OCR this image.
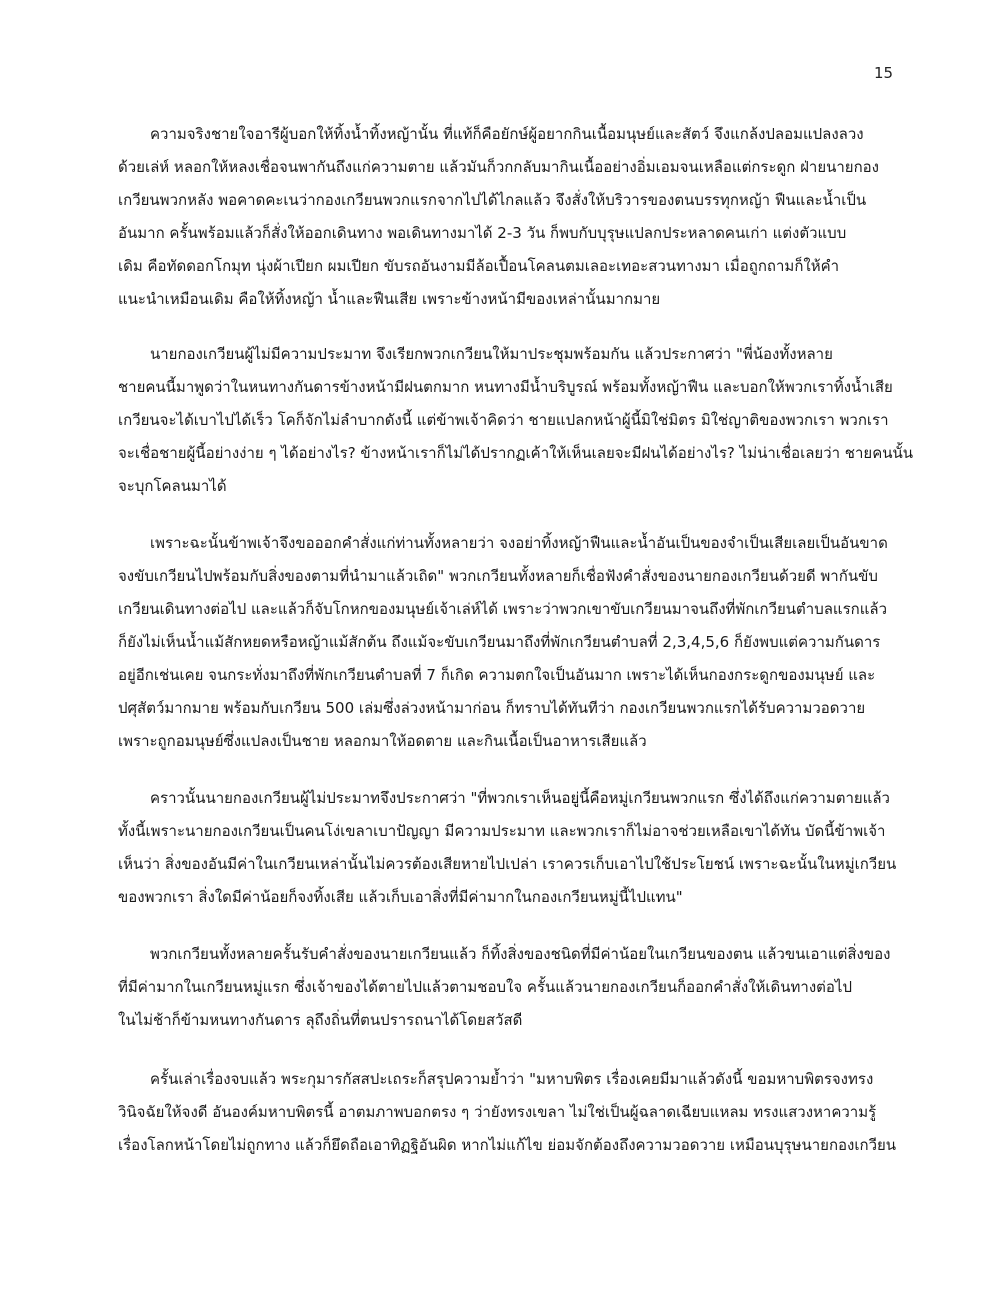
15
ความจริงชายใจอารีผู้บอกให้ทิ้งน้ำทิ้งหญ้านั้น ที่แท้ก็คือยักษ์ผู้อยากกินเนื้อมนุษย์และสัตว์ จึงแกล้งปลอมแปลงลวง
ด้วยเล่ห์ หลอกให้หลงเชื่อจนพากันถึงแก่ความตาย แล้วมันก็วกกลับมากินเนื้ออย่างอิ่มเอมจนเหลือแต่กระดูก ฝ่ายนายกอง
เกวียนพวกหลัง พอคาดคะเนว่ากองเกวียนพวกแรกจากไปได้ไกลแล้ว จึงสั่งให้บริวารของตนบรรทุกหญ้า ฟืนและน้ำเป็น
อันมาก ครั้นพร้อมแล้วก็สั่งให้ออกเดินทาง พอเดินทางมาได้ 2-3 วัน ก็พบกับบุรุษแปลกประหลาดคนเก่า แต่งตัวแบบ
เดิม คือทัดดอกโกมุท นุ่งผ้าเปียก ผมเปียก ขับรถอันงามมีล้อเปื้อนโคลนตมเลอะเทอะสวนทางมา เมื่อถูกถามก็ให้คำ
แนะนำเหมือนเดิม คือให้ทิ้งหญ้า น้ำและฟืนเสีย เพราะข้างหน้ามีของเหล่านั้นมากมาย
นายกองเกวียนผู้ไม่มีความประมาท จึงเรียกพวกเกวียนให้มาประชุมพร้อมกัน แล้วประกาศว่า "พี่น้องทั้งหลาย
ชายคนนี้มาพูดว่าในหนทางกันดารข้างหน้ามีฝนตกมาก หนทางมีน้ำบริบูรณ์ พร้อมทั้งหญ้าฟืน และบอกให้พวกเราทิ้งน้ำเสีย
เกวียนจะได้เบาไปได้เร็ว โคก็จักไม่ลำบากดังนี้ แต่ข้าพเจ้าคิดว่า ชายแปลกหน้าผู้นี้มิใช่มิตร มิใช่ญาติของพวกเรา พวกเรา
จะเชื่อชายผู้นี้อย่างง่าย ๆ ได้อย่างไร? ข้างหน้าเราก็ไม่ได้ปรากฏเค้าให้เห็นเลยจะมีฝนได้อย่างไร? ไม่น่าเชื่อเลยว่า ชายคนนั้น
จะบุกโคลนมาได้
เพราะฉะนั้นข้าพเจ้าจึงขอออกคำสั่งแก่ท่านทั้งหลายว่า จงอย่าทิ้งหญ้าฟืนและน้ำอันเป็นของจำเป็นเสียเลยเป็นอันขาด
จงขับเกวียนไปพร้อมกับสิ่งของตามที่นำมาแล้วเถิด" พวกเกวียนทั้งหลายก็เชื่อฟังคำสั่งของนายกองเกวียนด้วยดี พากันขับ
เกวียนเดินทางต่อไป และแล้วก็จับโกหกของมนุษย์เจ้าเล่ห์ได้ เพราะว่าพวกเขาขับเกวียนมาจนถึงที่พักเกวียนตำบลแรกแล้ว
ก็ยังไม่เห็นน้ำแม้สักหยดหรือหญ้าแม้สักต้น ถึงแม้จะขับเกวียนมาถึงที่พักเกวียนตำบลที่ 2,3,4,5,6 ก็ยังพบแต่ความกันดาร
อยู่อีกเช่นเคย จนกระทั่งมาถึงที่พักเกวียนตำบลที่ 7 ก็เกิด ความตกใจเป็นอันมาก เพราะได้เห็นกองกระดูกของมนุษย์ และ
ปศุสัตว์มากมาย พร้อมกับเกวียน 500 เล่มซึ่งล่วงหน้ามาก่อน ก็ทราบได้ทันทีว่า กองเกวียนพวกแรกได้รับความวอดวาย
เพราะถูกอมนุษย์ซึ่งแปลงเป็นชาย หลอกมาให้อดตาย และกินเนื้อเป็นอาหารเสียแล้ว
คราวนั้นนายกองเกวียนผู้ไม่ประมาทจึงประกาศว่า "ที่พวกเราเห็นอยู่นี้คือหมู่เกวียนพวกแรก ซึ่งได้ถึงแก่ความตายแล้ว
ทั้งนี้เพราะนายกองเกวียนเป็นคนโง่เขลาเบาปัญญา มีความประมาท และพวกเราก็ไม่อาจช่วยเหลือเขาได้ทัน บัดนี้ข้าพเจ้า
เห็นว่า สิ่งของอันมีค่าในเกวียนเหล่านั้นไม่ควรต้องเสียหายไปเปล่า เราควรเก็บเอาไปใช้ประโยชน์ เพราะฉะนั้นในหมู่เกวียน
ของพวกเรา สิ่งใดมีค่าน้อยก็จงทิ้งเสีย แล้วเก็บเอาสิ่งที่มีค่ามากในกองเกวียนหมู่นี้ไปแทน"
พวกเกวียนทั้งหลายครั้นรับคำสั่งของนายเกวียนแล้ว ก็ทิ้งสิ่งของชนิดที่มีค่าน้อยในเกวียนของตน แล้วขนเอาแต่สิ่งของ
ที่มีค่ามากในเกวียนหมู่แรก ซึ่งเจ้าของได้ตายไปแล้วตามชอบใจ ครั้นแล้วนายกองเกวียนก็ออกคำสั่งให้เดินทางต่อไป
ในไม่ช้าก็ข้ามหนทางกันดาร ลุถึงถิ่นที่ตนปรารถนาได้โดยสวัสดี
ครั้นเล่าเรื่องจบแล้ว พระกุมารกัสสปะเถระก็สรุปความย้ำว่า "มหาบพิตร เรื่องเคยมีมาแล้วดังนี้ ขอมหาบพิตรจงทรง
วินิจฉัยให้จงดี อันองค์มหาบพิตรนี้ อาตมภาพบอกตรง ๆ ว่ายังทรงเขลา ไม่ใช่เป็นผู้ฉลาดเฉียบแหลม ทรงแสวงหาความรู้
เรื่องโลกหน้าโดยไม่ถูกทาง แล้วก็ยึดถือเอาทิฏฐิอันผิด หากไม่แก้ไข ย่อมจักต้องถึงความวอดวาย เหมือนบุรุษนายกองเกวียน
